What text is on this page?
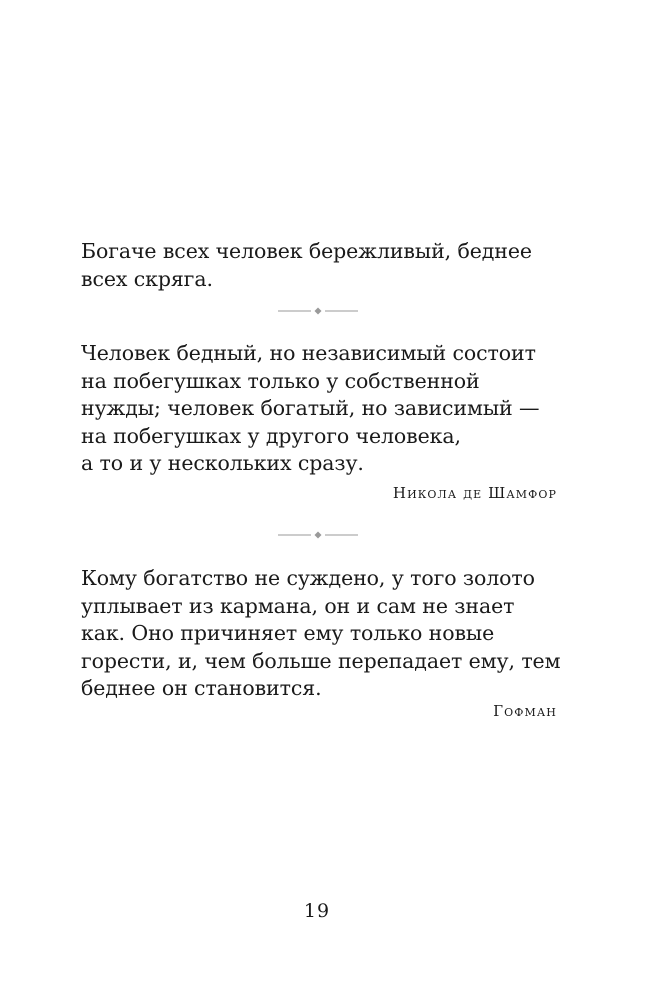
Богаче всех человек бережливый, беднее
всех скряга.
Человек бедный, но независимый состоит
на побегушках только у собственной
нужды; человек богатый, но зависимый —
на побегушках у другого человека,
а то и у нескольких сразу.
Никола де Шамфор
Кому богатство не суждено, у того золото
уплывает из кармана, он и сам не знает
как. Оно причиняет ему только новые
горести, и, чем больше перепадает ему, тем
беднее он становится.
Гофман
19
